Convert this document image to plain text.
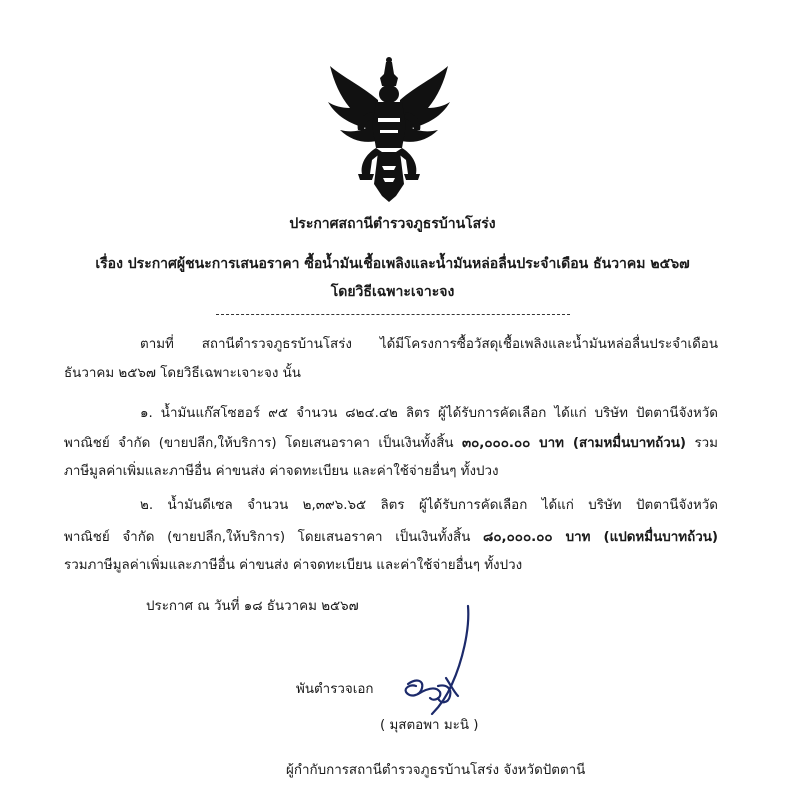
ประกาศสถานีตำรวจภูธรบ้านโสร่ง

เรื่อง ประกาศผู้ชนะการเสนอราคา ซื้อน้ำมันเชื้อเพลิงและน้ำมันหล่อลื่นประจำเดือน ธันวาคม ๒๕๖๗

โดยวิธีเฉพาะเจาะจง

ตามที่ สถานีตำรวจภูธรบ้านโสร่ง ได้มีโครงการซื้อวัสดุเชื้อเพลิงและน้ำมันหล่อลื่นประจำเดือน

ธันวาคม ๒๕๖๗ โดยวิธีเฉพาะเจาะจง นั้น

๑. น้ำมันแก๊สโซฮอร์ ๙๕ จำนวน ๘๒๔.๔๒ ลิตร ผู้ได้รับการคัดเลือก ได้แก่ บริษัท ปัตตานีจังหวัด

พาณิชย์ จำกัด (ขายปลีก,ให้บริการ) โดยเสนอราคา เป็นเงินทั้งสิ้น ๓๐,๐๐๐.๐๐ บาท (สามหมื่นบาทถ้วน) รวม

ภาษีมูลค่าเพิ่มและภาษีอื่น ค่าขนส่ง ค่าจดทะเบียน และค่าใช้จ่ายอื่นๆ ทั้งปวง

๒. น้ำมันดีเซล จำนวน ๒,๓๙๖.๖๕ ลิตร ผู้ได้รับการคัดเลือก ได้แก่ บริษัท ปัตตานีจังหวัด

พาณิชย์ จำกัด (ขายปลีก,ให้บริการ) โดยเสนอราคา เป็นเงินทั้งสิ้น ๘๐,๐๐๐.๐๐ บาท (แปดหมื่นบาทถ้วน)

รวมภาษีมูลค่าเพิ่มและภาษีอื่น ค่าขนส่ง ค่าจดทะเบียน และค่าใช้จ่ายอื่นๆ ทั้งปวง

ประกาศ ณ วันที่ ๑๘ ธันวาคม ๒๕๖๗

พันตำรวจเอก

( มุสตอพา มะนิ )

ผู้กำกับการสถานีตำรวจภูธรบ้านโสร่ง จังหวัดปัตตานี
